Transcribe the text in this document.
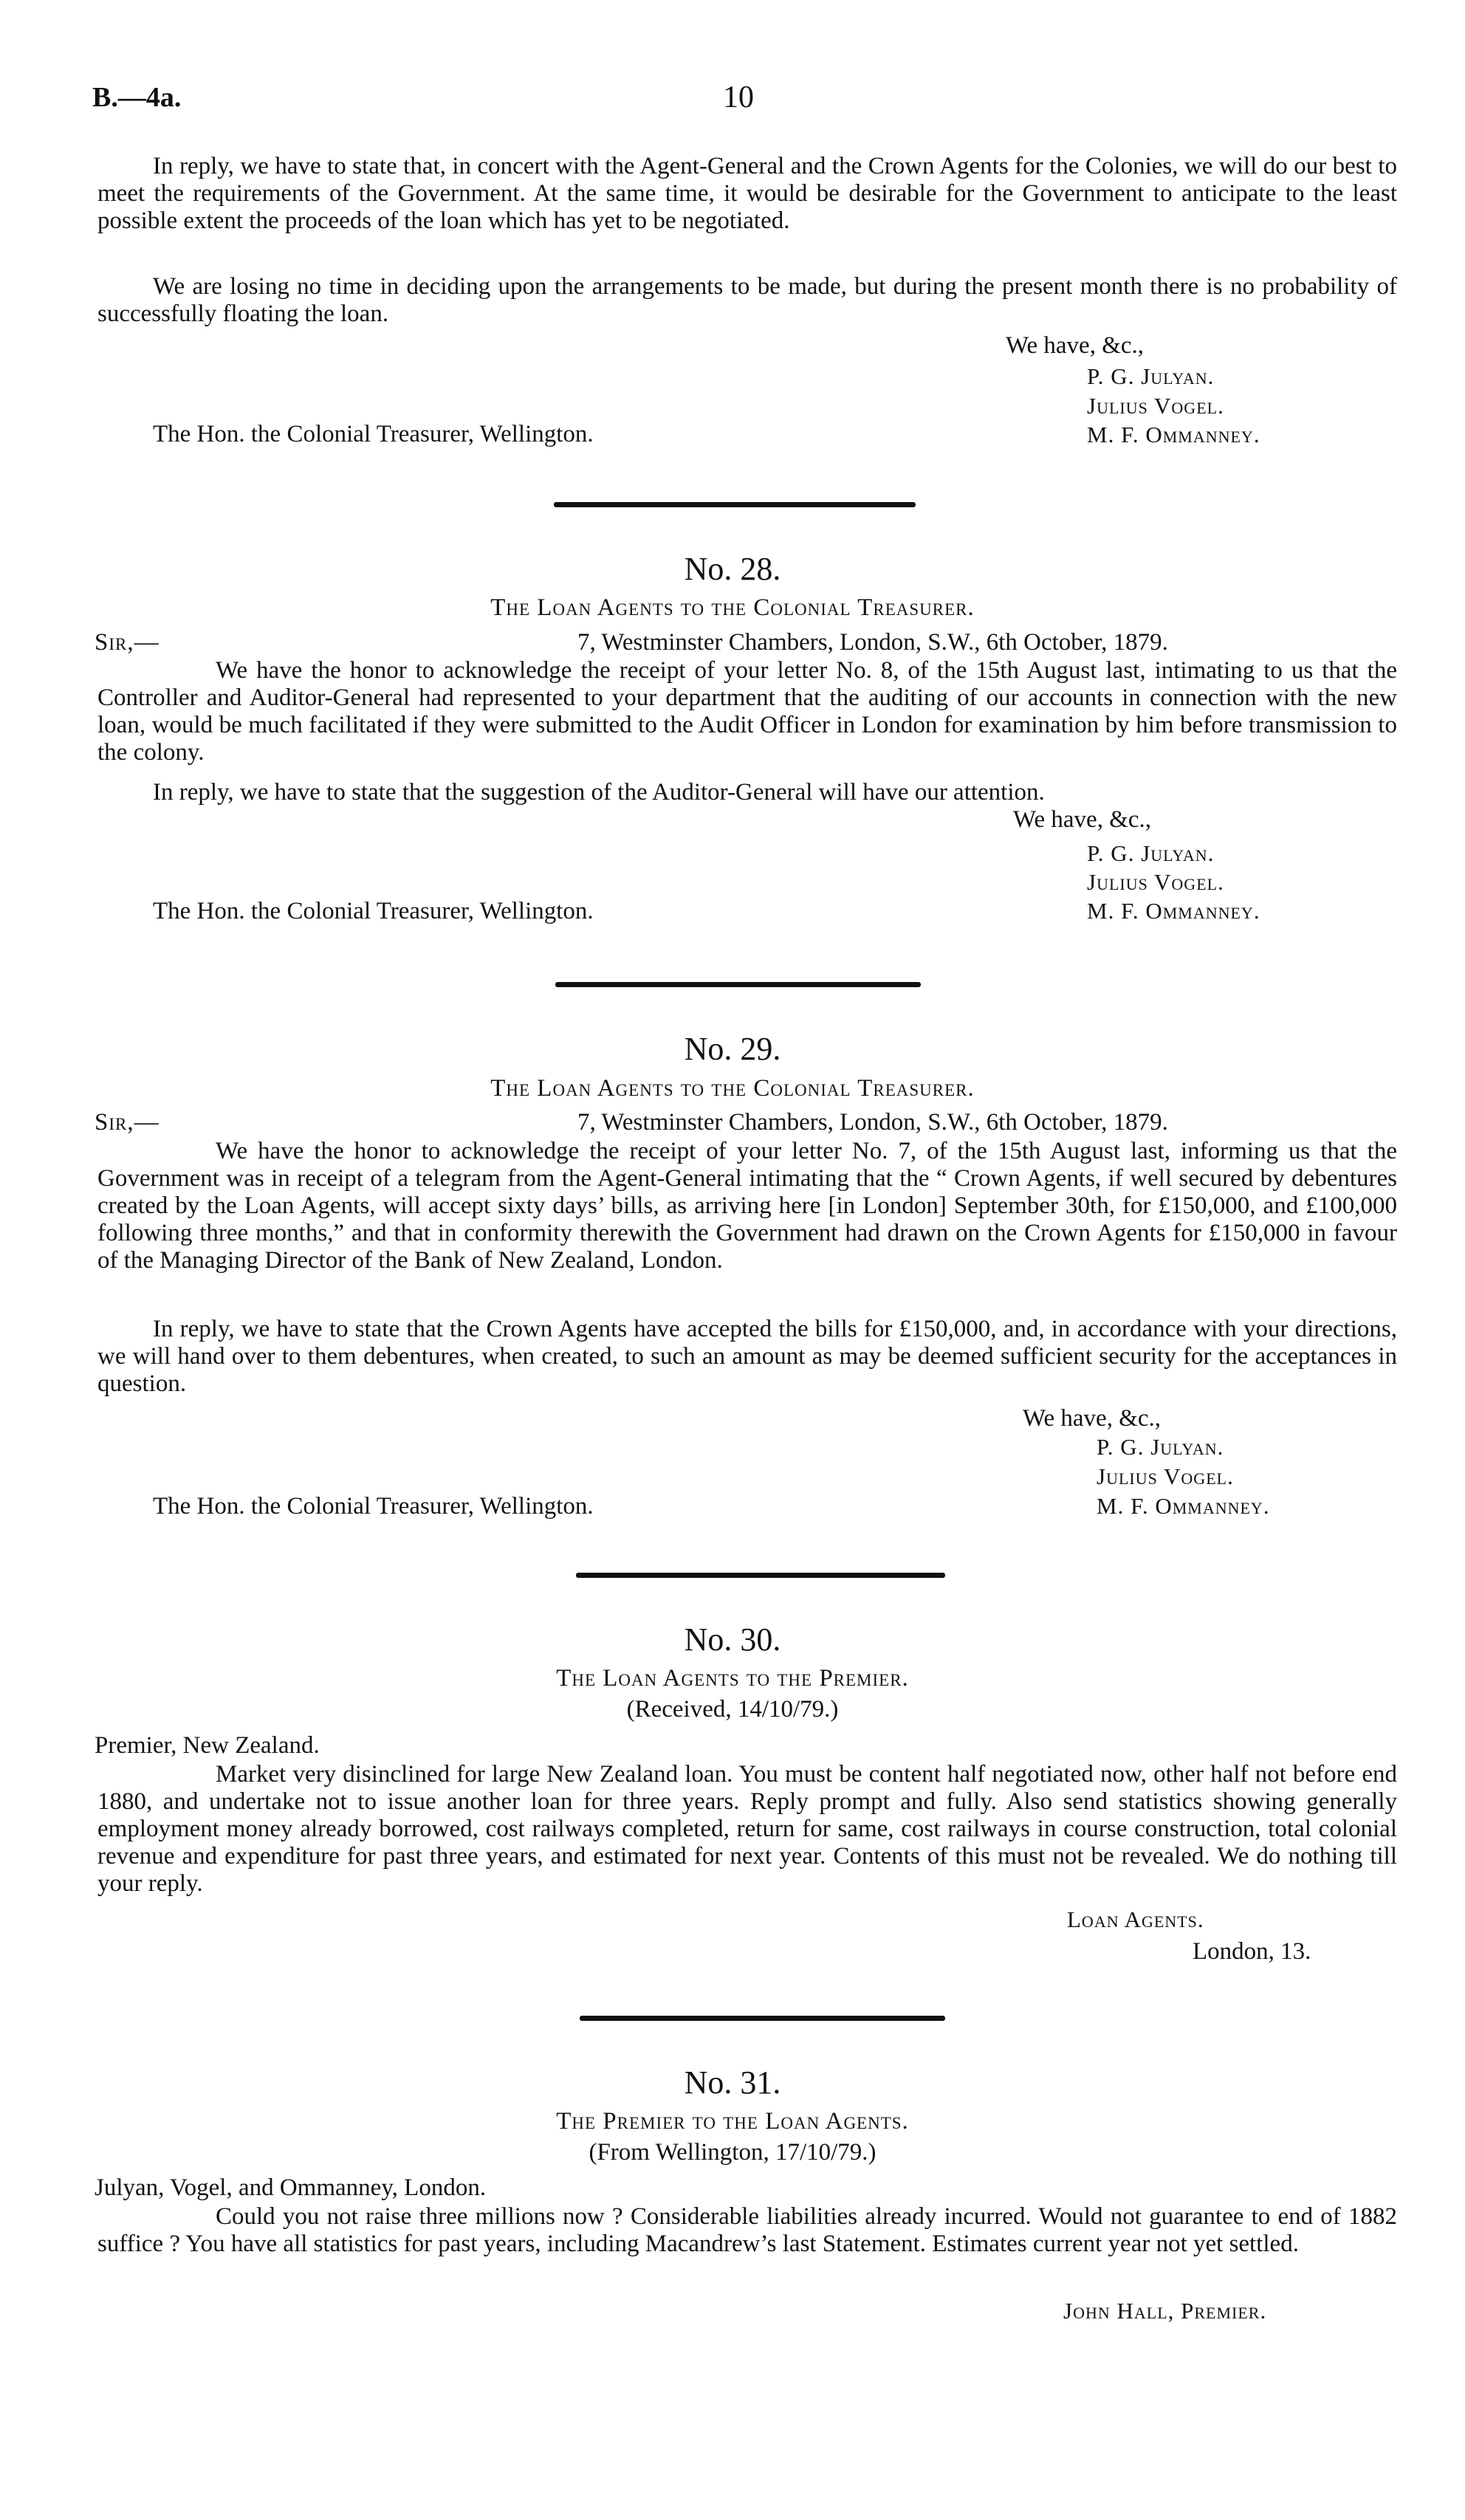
B.—4a.	10
In reply, we have to state that, in concert with the Agent-General and the Crown Agents for the Colonies, we will do our best to meet the requirements of the Government. At the same time, it would be desirable for the Government to anticipate to the least possible extent the proceeds of the loan which has yet to be negotiated.
We are losing no time in deciding upon the arrangements to be made, but during the present month there is no probability of successfully floating the loan.
We have, &c.,
P. G. Julyan.
Julius Vogel.
The Hon. the Colonial Treasurer, Wellington.	M. F. Ommanney.
No. 28.
The Loan Agents to the Colonial Treasurer.
Sir,—	7, Westminster Chambers, London, S.W., 6th October, 1879.
We have the honor to acknowledge the receipt of your letter No. 8, of the 15th August last, intimating to us that the Controller and Auditor-General had represented to your department that the auditing of our accounts in connection with the new loan, would be much facilitated if they were submitted to the Audit Officer in London for examination by him before transmission to the colony.
In reply, we have to state that the suggestion of the Auditor-General will have our attention.
We have, &c.,
P. G. Julyan.
Julius Vogel.
The Hon. the Colonial Treasurer, Wellington.	M. F. Ommanney.
No. 29.
The Loan Agents to the Colonial Treasurer.
Sir,—	7, Westminster Chambers, London, S.W., 6th October, 1879.
We have the honor to acknowledge the receipt of your letter No. 7, of the 15th August last, informing us that the Government was in receipt of a telegram from the Agent-General intimating that the “ Crown Agents, if well secured by debentures created by the Loan Agents, will accept sixty days’ bills, as arriving here [in London] September 30th, for £150,000, and £100,000 following three months,” and that in conformity therewith the Government had drawn on the Crown Agents for £150,000 in favour of the Managing Director of the Bank of New Zealand, London.
In reply, we have to state that the Crown Agents have accepted the bills for £150,000, and, in accordance with your directions, we will hand over to them debentures, when created, to such an amount as may be deemed sufficient security for the acceptances in question.
We have, &c.,
P. G. Julyan.
Julius Vogel.
The Hon. the Colonial Treasurer, Wellington.	M. F. Ommanney.
No. 30.
The Loan Agents to the Premier.
(Received, 14/10/79.)
Premier, New Zealand.
Market very disinclined for large New Zealand loan. You must be content half negotiated now, other half not before end 1880, and undertake not to issue another loan for three years. Reply prompt and fully. Also send statistics showing generally employment money already borrowed, cost railways completed, return for same, cost railways in course construction, total colonial revenue and expenditure for past three years, and estimated for next year. Contents of this must not be revealed. We do nothing till your reply.
Loan Agents.
London, 13.
No. 31.
The Premier to the Loan Agents.
(From Wellington, 17/10/79.)
Julyan, Vogel, and Ommanney, London.
Could you not raise three millions now ? Considerable liabilities already incurred. Would not guarantee to end of 1882 suffice ? You have all statistics for past years, including Macandrew’s last Statement. Estimates current year not yet settled.
John Hall, Premier.
